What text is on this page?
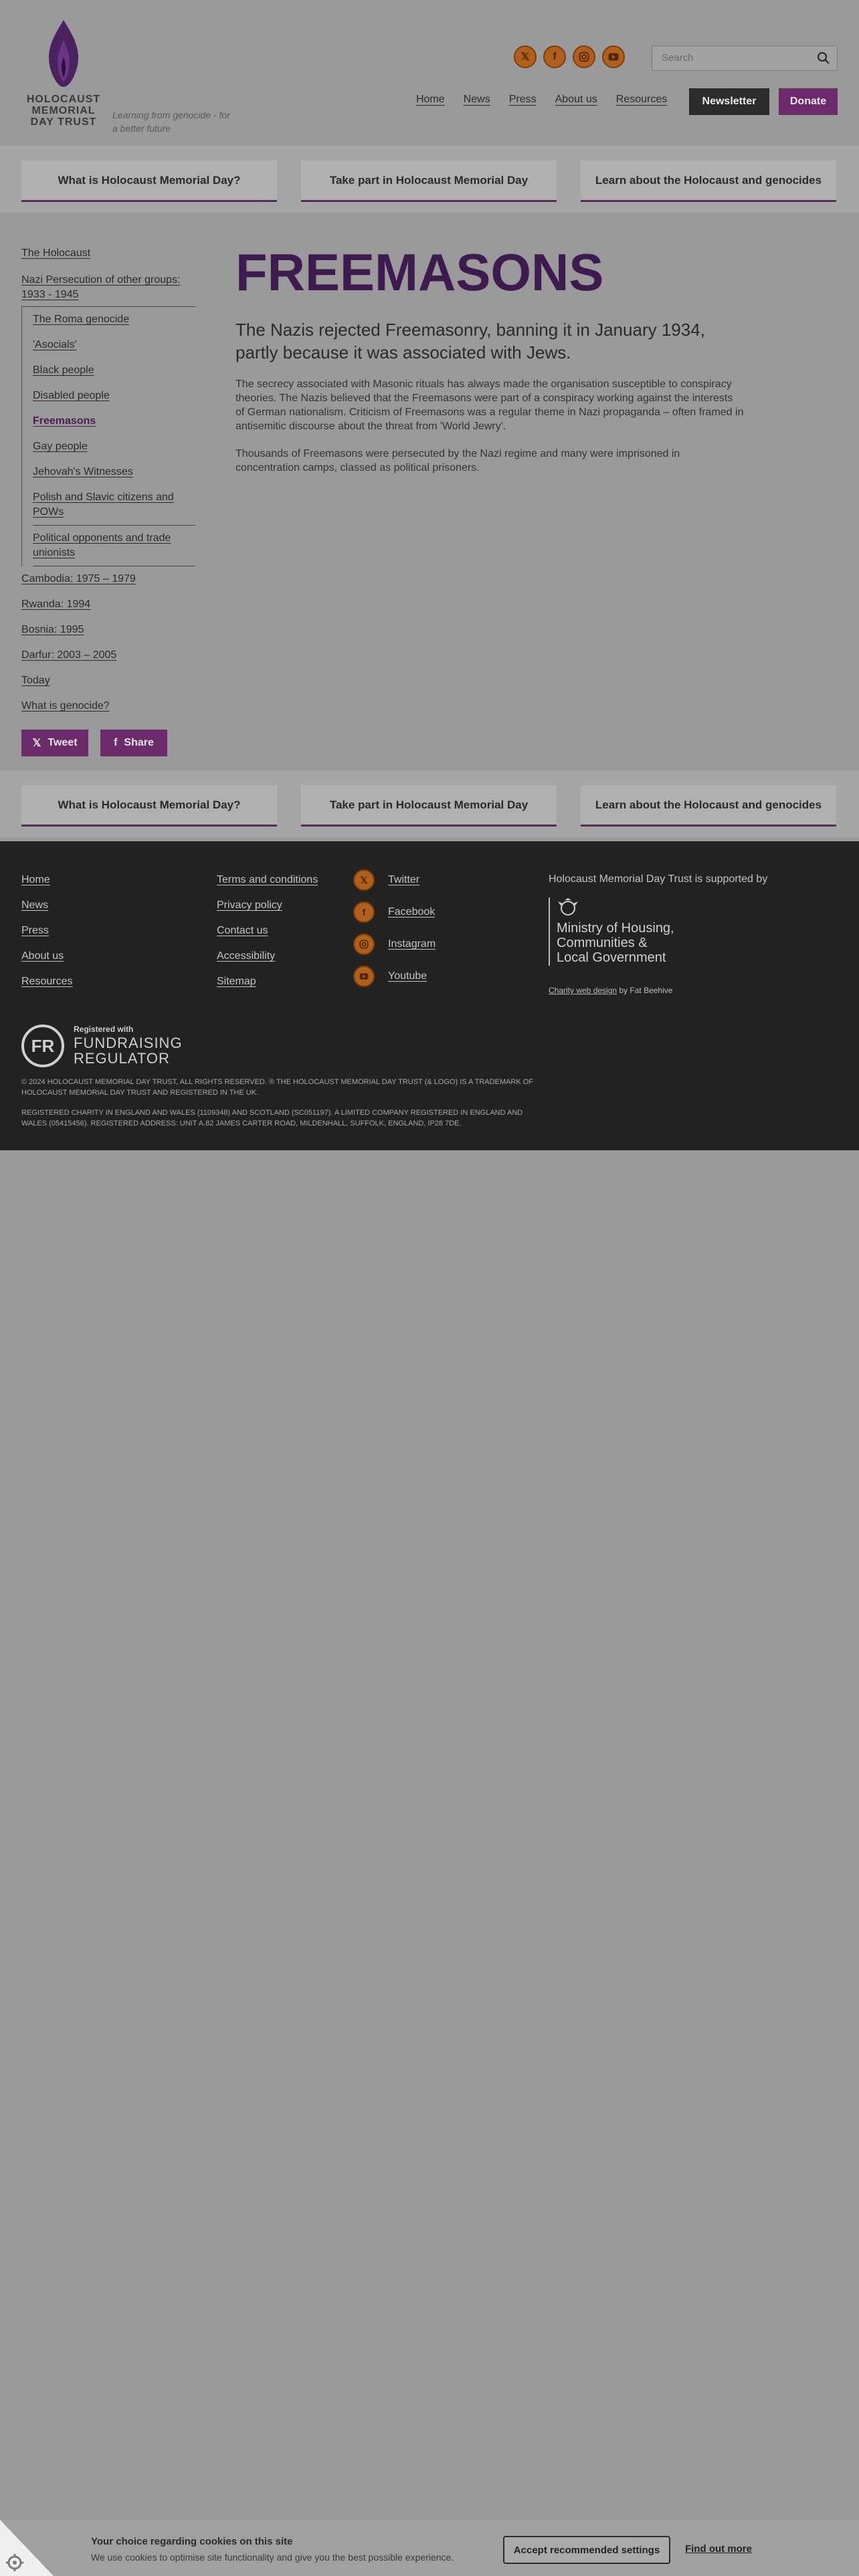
HOLOCAUST
MEMORIAL
DAY TRUST
Learning from genocide - for a better future
𝕏	f
Search
Home News Press About us Resources	Newsletter	Donate
What is Holocaust Memorial Day?	Take part in Holocaust Memorial Day	Learn about the Holocaust and genocides
The Holocaust
Nazi Persecution of other groups: 1933 - 1945
The Roma genocide
'Asocials'
Black people
Disabled people
Freemasons
Gay people
Jehovah's Witnesses
Polish and Slavic citizens and POWs
Political opponents and trade unionists
Cambodia: 1975 – 1979
Rwanda: 1994
Bosnia: 1995
Darfur: 2003 – 2005
Today
What is genocide?
𝕏 Tweet	f Share
FREEMASONS

The Nazis rejected Freemasonry, banning it in January 1934, partly because it was associated with Jews.

The secrecy associated with Masonic rituals has always made the organisation susceptible to conspiracy theories. The Nazis believed that the Freemasons were part of a conspiracy working against the interests of German nationalism. Criticism of Freemasons was a regular theme in Nazi propaganda – often framed in antisemitic discourse about the threat from 'World Jewry'.

Thousands of Freemasons were persecuted by the Nazi regime and many were imprisoned in concentration camps, classed as political prisoners.

What is Holocaust Memorial Day?	Take part in Holocaust Memorial Day	Learn about the Holocaust and genocides
Home
News
Press
About us
Resources
Terms and conditions
Privacy policy
Contact us
Accessibility
Sitemap
𝕏	Twitter
f	Facebook
Instagram
Youtube
Holocaust Memorial Day Trust is supported by
Ministry of Housing,
Communities &
Local Government
Charity web design by Fat Beehive
FR
Registered with
FUNDRAISING
REGULATOR
© 2024 HOLOCAUST MEMORIAL DAY TRUST, ALL RIGHTS RESERVED. ® THE HOLOCAUST MEMORIAL DAY TRUST (& LOGO) IS A TRADEMARK OF HOLOCAUST MEMORIAL DAY TRUST AND REGISTERED IN THE UK.
REGISTERED CHARITY IN ENGLAND AND WALES (1109348) AND SCOTLAND (SC051197). A LIMITED COMPANY REGISTERED IN ENGLAND AND WALES (05415456). REGISTERED ADDRESS: UNIT A.82 JAMES CARTER ROAD, MILDENHALL, SUFFOLK, ENGLAND, IP28 7DE.
Your choice regarding cookies on this site
We use cookies to optimise site functionality and give you the best possible experience.
Accept recommended settings	Find out more
